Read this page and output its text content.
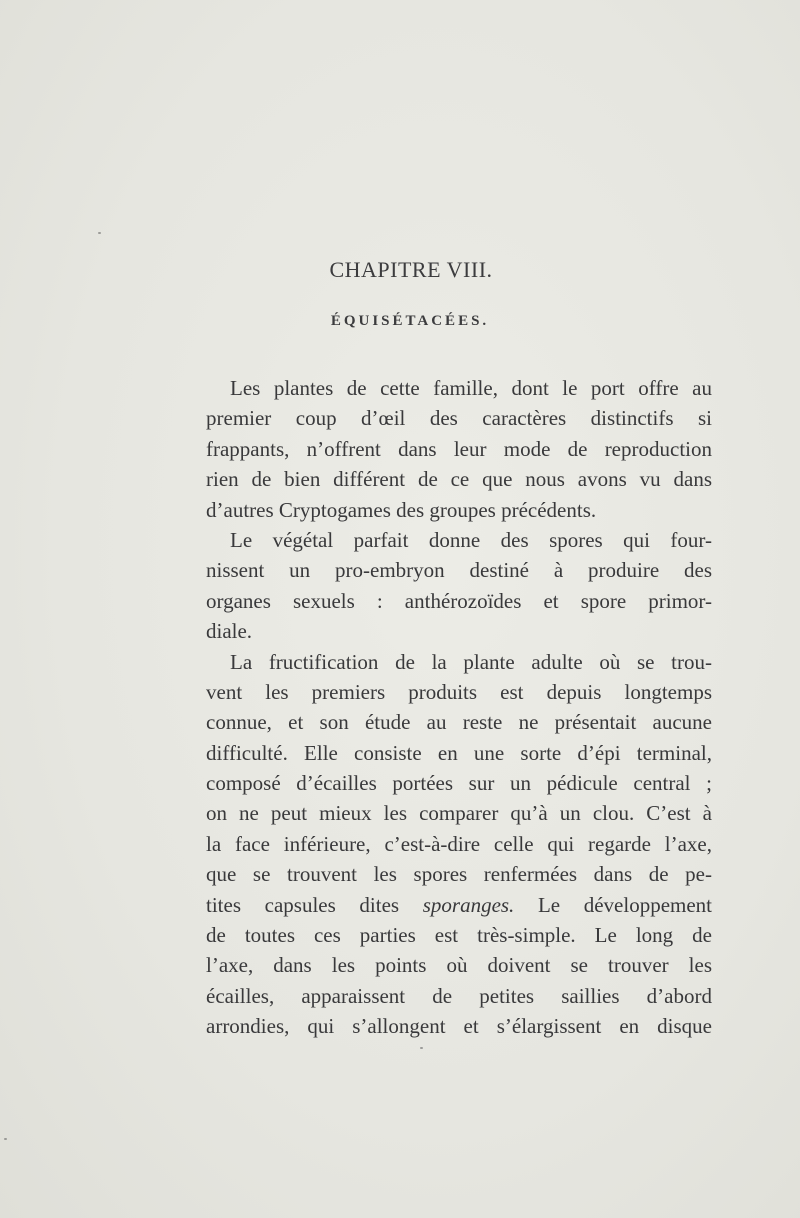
CHAPITRE VIII.
ÉQUISÉTACÉES.
Les plantes de cette famille, dont le port offre au
premier coup d’œil des caractères distinctifs si
frappants, n’offrent dans leur mode de reproduction
rien de bien différent de ce que nous avons vu dans
d’autres Cryptogames des groupes précédents.
Le végétal parfait donne des spores qui four-
nissent un pro-embryon destiné à produire des
organes sexuels : anthérozoïdes et spore primor-
diale.
La fructification de la plante adulte où se trou-
vent les premiers produits est depuis longtemps
connue, et son étude au reste ne présentait aucune
difficulté. Elle consiste en une sorte d’épi terminal,
composé d’écailles portées sur un pédicule central ;
on ne peut mieux les comparer qu’à un clou. C’est à
la face inférieure, c’est-à-dire celle qui regarde l’axe,
que se trouvent les spores renfermées dans de pe-
tites capsules dites sporanges. Le développement
de toutes ces parties est très-simple. Le long de
l’axe, dans les points où doivent se trouver les
écailles, apparaissent de petites saillies d’abord
arrondies, qui s’allongent et s’élargissent en disque
